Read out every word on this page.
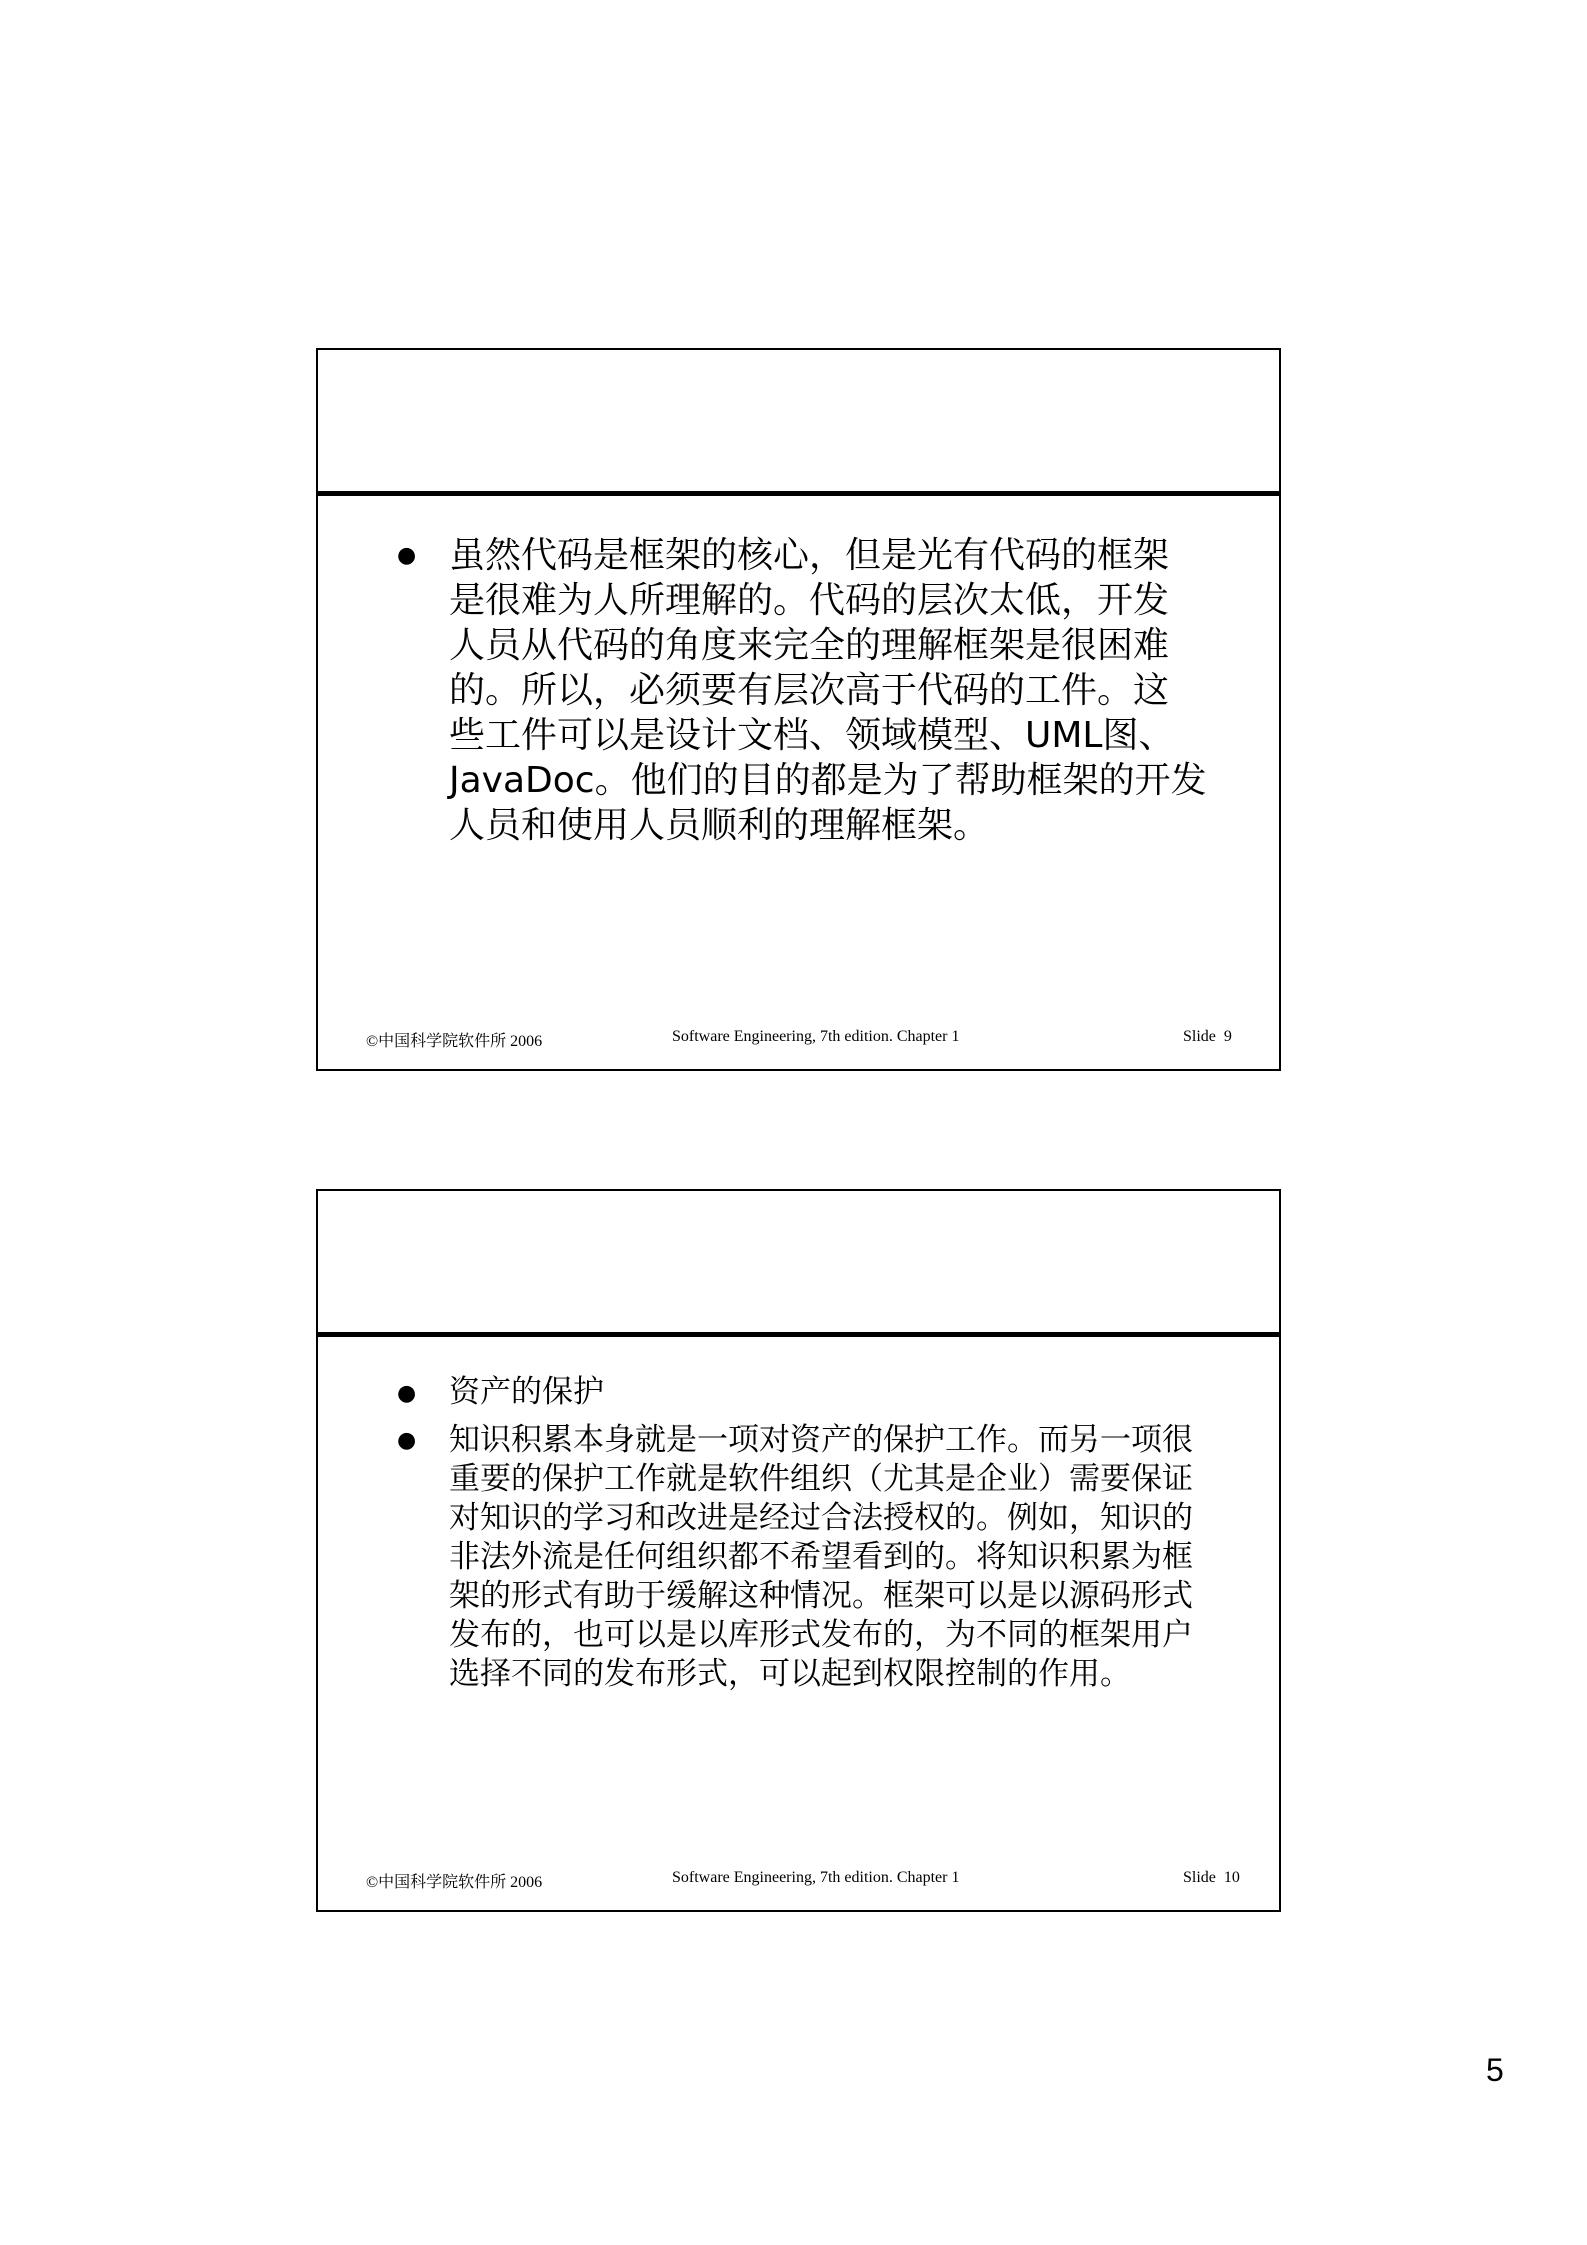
● 虽然代码是框架的核心，但是光有代码的框架
是很难为人所理解的。代码的层次太低，开发
人员从代码的角度来完全的理解框架是很困难
的。所以，必须要有层次高于代码的工件。这
些工件可以是设计文档、领域模型、UML图、
JavaDoc。他们的目的都是为了帮助框架的开发
人员和使用人员顺利的理解框架。
©中国科学院软件所 2006	Software Engineering, 7th edition. Chapter 1	Slide  9
● 资产的保护
● 知识积累本身就是一项对资产的保护工作。而另一项很
重要的保护工作就是软件组织（尤其是企业）需要保证
对知识的学习和改进是经过合法授权的。例如，知识的
非法外流是任何组织都不希望看到的。将知识积累为框
架的形式有助于缓解这种情况。框架可以是以源码形式
发布的，也可以是以库形式发布的，为不同的框架用户
选择不同的发布形式，可以起到权限控制的作用。
©中国科学院软件所 2006	Software Engineering, 7th edition. Chapter 1	Slide  10
5
